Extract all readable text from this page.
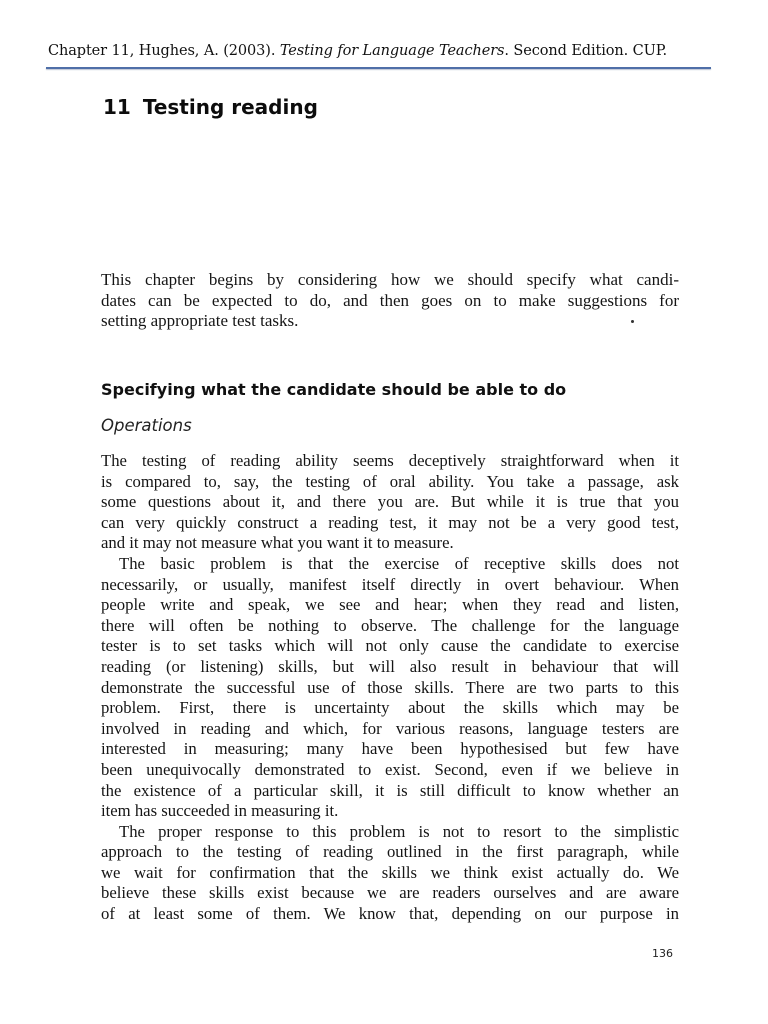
Chapter 11, Hughes, A. (2003). Testing for Language Teachers. Second Edition. CUP.
11 Testing reading
This chapter begins by considering how we should specify what candi-
dates can be expected to do, and then goes on to make suggestions for
setting appropriate test tasks.
Specifying what the candidate should be able to do
Operations
The testing of reading ability seems deceptively straightforward when it
is compared to, say, the testing of oral ability. You take a passage, ask
some questions about it, and there you are. But while it is true that you
can very quickly construct a reading test, it may not be a very good test,
and it may not measure what you want it to measure.
The basic problem is that the exercise of receptive skills does not
necessarily, or usually, manifest itself directly in overt behaviour. When
people write and speak, we see and hear; when they read and listen,
there will often be nothing to observe. The challenge for the language
tester is to set tasks which will not only cause the candidate to exercise
reading (or listening) skills, but will also result in behaviour that will
demonstrate the successful use of those skills. There are two parts to this
problem. First, there is uncertainty about the skills which may be
involved in reading and which, for various reasons, language testers are
interested in measuring; many have been hypothesised but few have
been unequivocally demonstrated to exist. Second, even if we believe in
the existence of a particular skill, it is still difficult to know whether an
item has succeeded in measuring it.
The proper response to this problem is not to resort to the simplistic
approach to the testing of reading outlined in the first paragraph, while
we wait for confirmation that the skills we think exist actually do. We
believe these skills exist because we are readers ourselves and are aware
of at least some of them. We know that, depending on our purpose in
136
